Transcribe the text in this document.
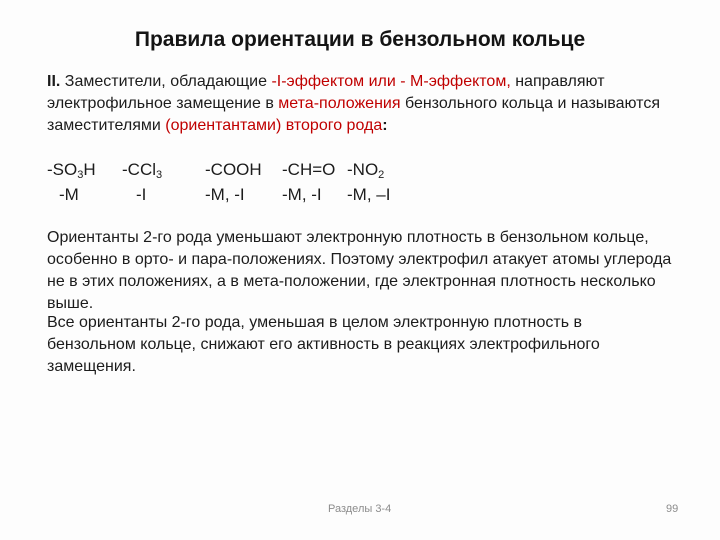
Правила ориентации в бензольном кольце

II. Заместители, обладающие -I-эффектом или - М-эффектом, направляют электрофильное замещение в мета-положения бензольного кольца и называются заместителями (ориентантами) второго рода:

$-SO_3H$
-М
-CCl$_3$
-I
-COOH
-М, -I
-CH=O
-М, -I
$-NO_2$
-М, –I

Ориентанты 2-го рода уменьшают электронную плотность в бензольном кольце, особенно в орто- и пара-положениях. Поэтому электрофил атакует атомы углерода не в этих положениях, а в мета-положении, где электронная плотность несколько выше.

Все ориентанты 2-го рода, уменьшая в целом электронную плотность в бензольном кольце, снижают его активность в реакциях электрофильного замещения.

Разделы 3-4	99
